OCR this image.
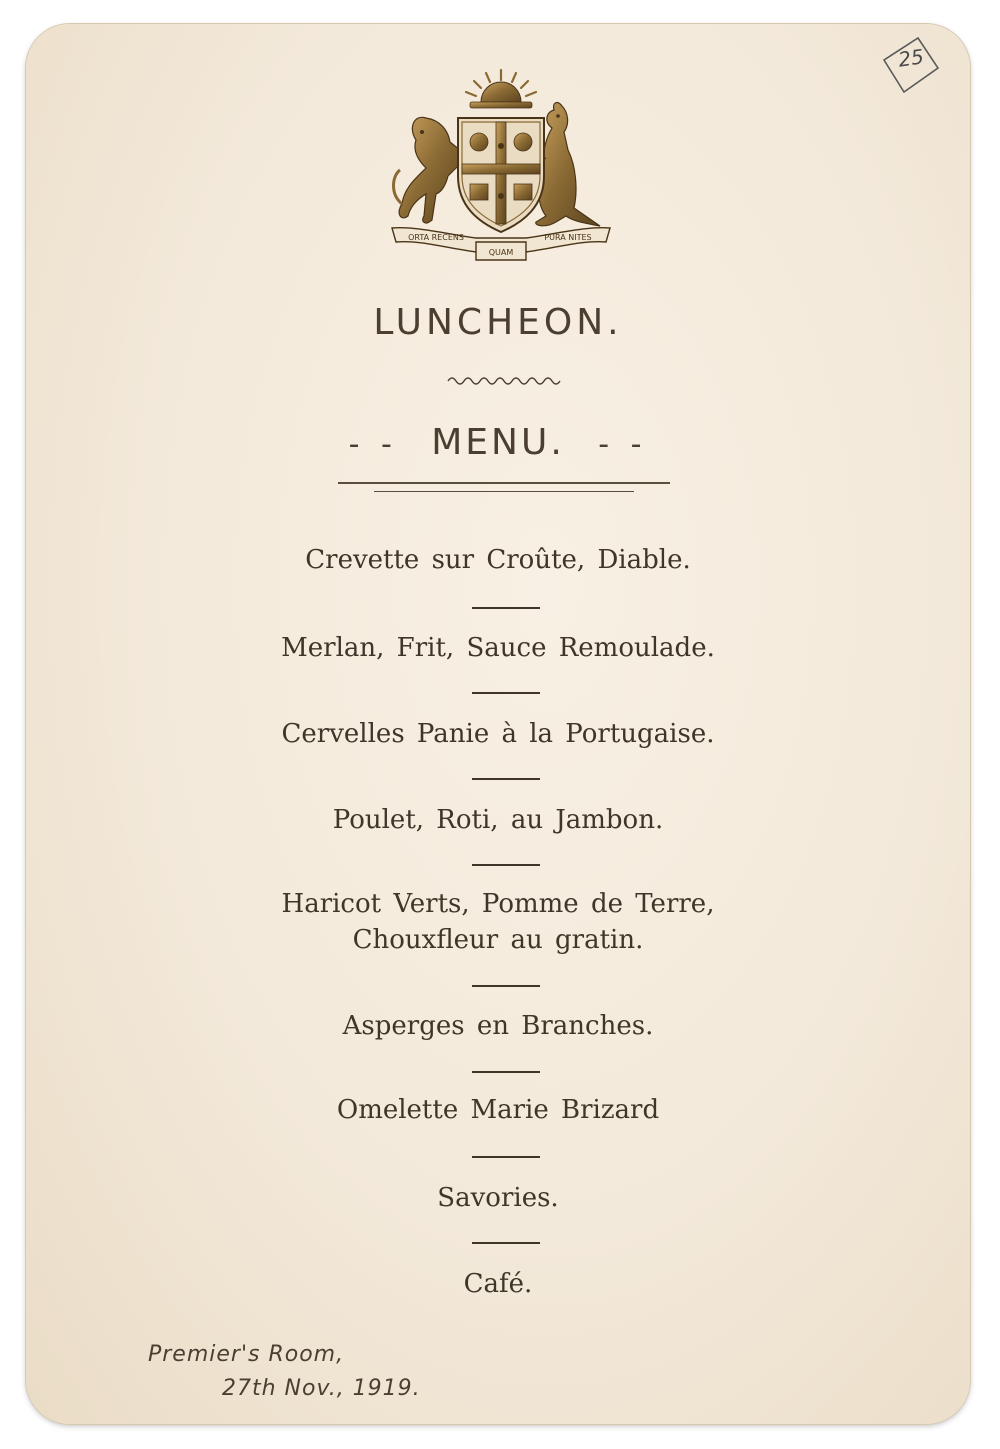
25
ORTA RECENS
QUAM
PURA NITES
LUNCHEON.
- - MENU. - -
Crevette sur Croûte, Diable.
Merlan, Frit, Sauce Remoulade.
Cervelles Panie à la Portugaise.
Poulet, Roti, au Jambon.
Haricot Verts, Pomme de Terre,
Chouxfleur au gratin.
Asperges en Branches.
Omelette Marie Brizard
Savories.
Café.
Premier's Room,
27th Nov., 1919.
